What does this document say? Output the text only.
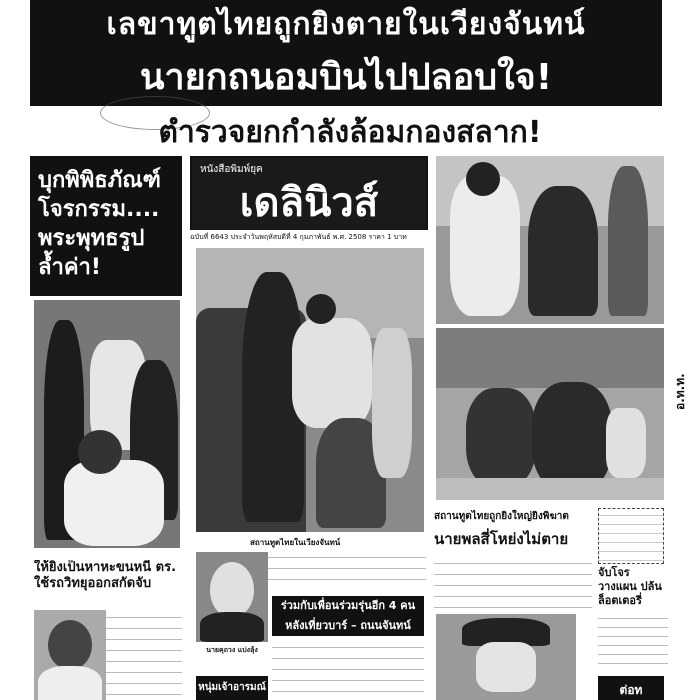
เลขาทูตไทยถูกยิงตายในเวียงจันทน์
นายกถนอมบินไปปลอบใจ!
ตำรวจยกกำลังล้อมกองสลาก!
บุกพิพิธภัณฑ์ โจรกรรม.... พระพุทธรูป ล้ำค่า!
หนังสือพิมพ์ยุค
เดลินิวส์
ฉบับที่ 6643 ประจำวันพฤหัสบดีที่ 4 กุมภาพันธ์ พ.ศ. 2508 ราคา 1 บาท
อ.ท.ท.
สถานทูตไทยในเวียงจันทน์
สถานทูตไทยถูกยิงใหญ่ยิงพิฆาต
นายพลสี่โหย่งไม่ตาย
จับโจรวางแผน ปล้นล็อตเตอรี่
ให้ยิ่งเป็นหาหะขนหนี ตร. ใช้รถวิทยุออกสกัดจับ
นายคุถวง แบ่งลุ้ง
ร่วมกับเพื่อนร่วมรุ่นอีก 4 คน หลังเที่ยวบาร์ – ถนนจันทน์
หนุ่มเจ้าอารมณ์	ต่อท
